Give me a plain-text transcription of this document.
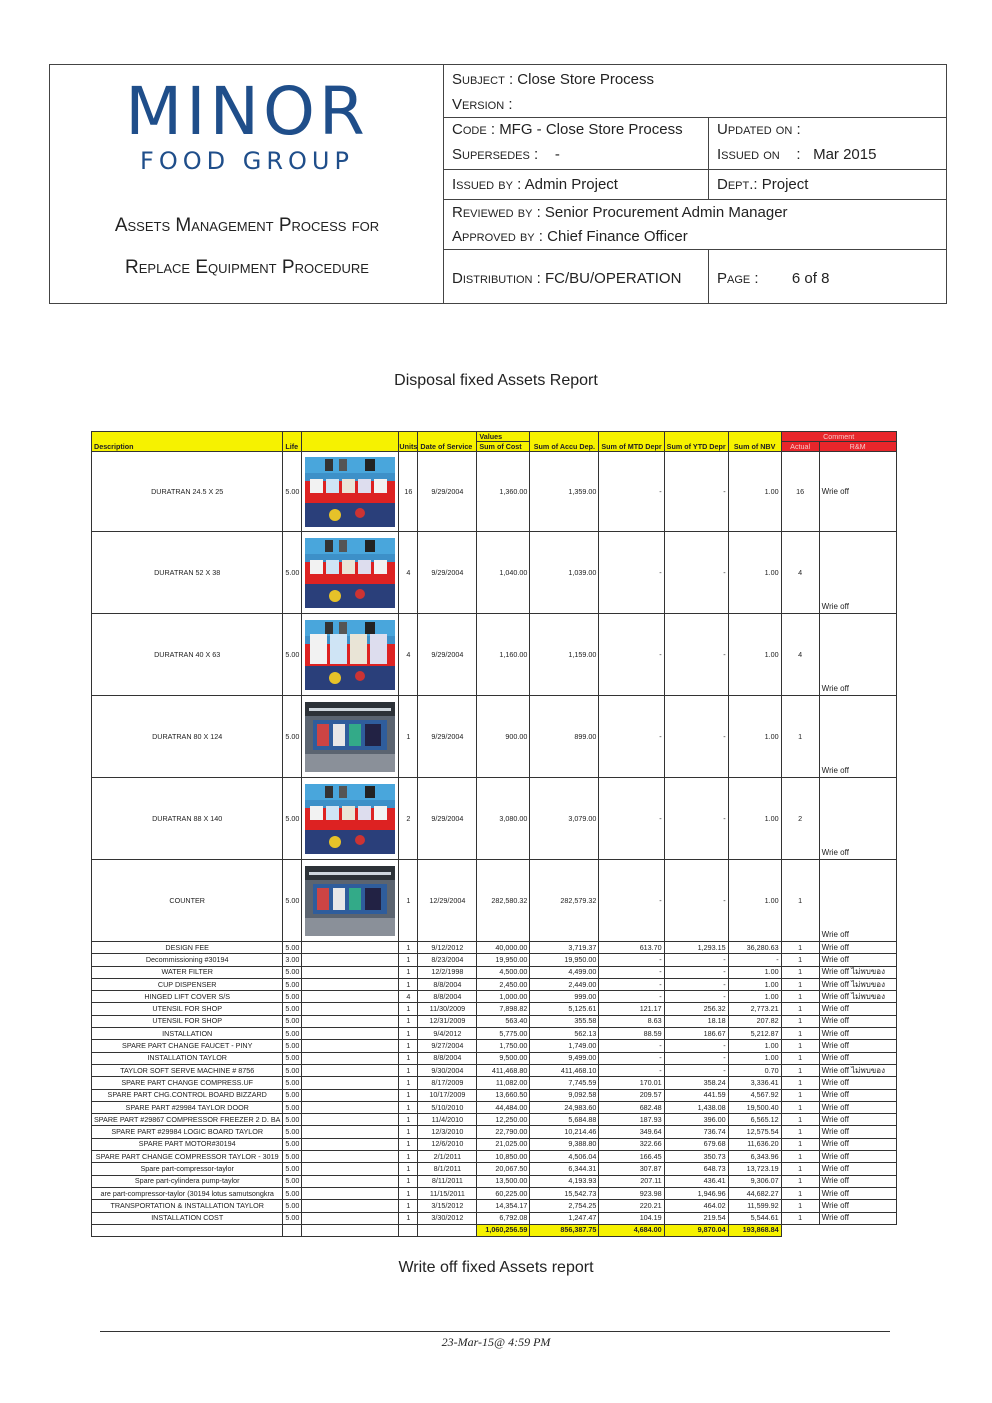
MINOR
FOOD GROUP
Assets Management Process for
Replace Equipment Procedure
Subject : Close Store Process
Version :
Code : MFG - Close Store Process
Supersedes : -
Updated on :
Issued on : Mar 2015
Issued by : Admin Project	Dept.: Project
Reviewed by : Senior Procurement Admin Manager
Approved by : Chief Finance Officer
Distribution : FC/BU/OPERATION Page : 6 of 8
Disposal fixed Assets Report
Description	Life		Units	Date of Service	Values	Sum of Accu Dep.	Sum of MTD Depr	Sum of YTD Depr	Sum of NBV	Comment	
					Sum of Cost					Actual	R&M
DURATRAN 24.5 X 25	5.00		16	9/29/2004	1,360.00	1,359.00	-	-	1.00	16	Wrie off
DURATRAN 52 X 38	5.00		4	9/29/2004	1,040.00	1,039.00	-	-	1.00	4	Wrie off
DURATRAN 40 X 63	5.00		4	9/29/2004	1,160.00	1,159.00	-	-	1.00	4	Wrie off
DURATRAN 80 X 124	5.00		1	9/29/2004	900.00	899.00	-	-	1.00	1	Wrie off
DURATRAN 88 X 140	5.00		2	9/29/2004	3,080.00	3,079.00	-	-	1.00	2	Wrie off
COUNTER	5.00		1	12/29/2004	282,580.32	282,579.32	-	-	1.00	1	Wrie off
DESIGN FEE	5.00		1	9/12/2012	40,000.00	3,719.37	613.70	1,293.15	36,280.63	1	Wrie off
Decommissioning #30194	3.00		1	8/23/2004	19,950.00	19,950.00	-	-	-	1	Wrie off
WATER FILTER	5.00		1	12/2/1998	4,500.00	4,499.00	-	-	1.00	1	Wrie off ไม่พบของ
CUP DISPENSER	5.00		1	8/8/2004	2,450.00	2,449.00	-	-	1.00	1	Wrie off ไม่พบของ
HINGED LIFT COVER S/S	5.00		4	8/8/2004	1,000.00	999.00	-	-	1.00	1	Wrie off ไม่พบของ
UTENSIL FOR SHOP	5.00		1	11/30/2009	7,898.82	5,125.61	121.17	256.32	2,773.21	1	Wrie off
UTENSIL FOR SHOP	5.00		1	12/31/2009	563.40	355.58	8.63	18.18	207.82	1	Wrie off
INSTALLATION	5.00		1	9/4/2012	5,775.00	562.13	88.59	186.67	5,212.87	1	Wrie off
SPARE PART CHANGE FAUCET - PINY	5.00		1	9/27/2004	1,750.00	1,749.00	-	-	1.00	1	Wrie off
INSTALLATION TAYLOR	5.00		1	8/8/2004	9,500.00	9,499.00	-	-	1.00	1	Wrie off
TAYLOR SOFT SERVE MACHINE # 8756	5.00		1	9/30/2004	411,468.80	411,468.10	-	-	0.70	1	Wrie off ไม่พบของ
SPARE PART CHANGE COMPRESS.UF	5.00		1	8/17/2009	11,082.00	7,745.59	170.01	358.24	3,336.41	1	Wrie off
SPARE PART CHG.CONTROL BOARD BIZZARD	5.00		1	10/17/2009	13,660.50	9,092.58	209.57	441.59	4,567.92	1	Wrie off
SPARE PART #29984 TAYLOR DOOR	5.00		1	5/10/2010	44,484.00	24,983.60	682.48	1,438.08	19,500.40	1	Wrie off
SPARE PART #29867 COMPRESSOR FREEZER 2 D. BA	5.00		1	11/4/2010	12,250.00	5,684.88	187.93	396.00	6,565.12	1	Wrie off
SPARE PART #29984 LOGIC BOARD TAYLOR	5.00		1	12/3/2010	22,790.00	10,214.46	349.64	736.74	12,575.54	1	Wrie off
SPARE PART MOTOR#30194	5.00		1	12/6/2010	21,025.00	9,388.80	322.66	679.68	11,636.20	1	Wrie off
SPARE PART CHANGE COMPRESSOR TAYLOR - 3019	5.00		1	2/1/2011	10,850.00	4,506.04	166.45	350.73	6,343.96	1	Wrie off
Spare part-compressor-taylor	5.00		1	8/1/2011	20,067.50	6,344.31	307.87	648.73	13,723.19	1	Wrie off
Spare part-cylindera pump-taylor	5.00		1	8/11/2011	13,500.00	4,193.93	207.11	436.41	9,306.07	1	Wrie off
are part-compressor-taylor (30194 lotus samutsongkra	5.00		1	11/15/2011	60,225.00	15,542.73	923.98	1,946.96	44,682.27	1	Wrie off
TRANSPORTATION & INSTALLATION TAYLOR	5.00		1	3/15/2012	14,354.17	2,754.25	220.21	464.02	11,599.92	1	Wrie off
INSTALLATION COST	5.00		1	3/30/2012	6,792.08	1,247.47	104.19	219.54	5,544.61	1	Wrie off
					1,060,256.59	856,387.75	4,684.00	9,870.04	193,868.84		
Write off fixed Assets report
23-Mar-15@ 4:59 PM
